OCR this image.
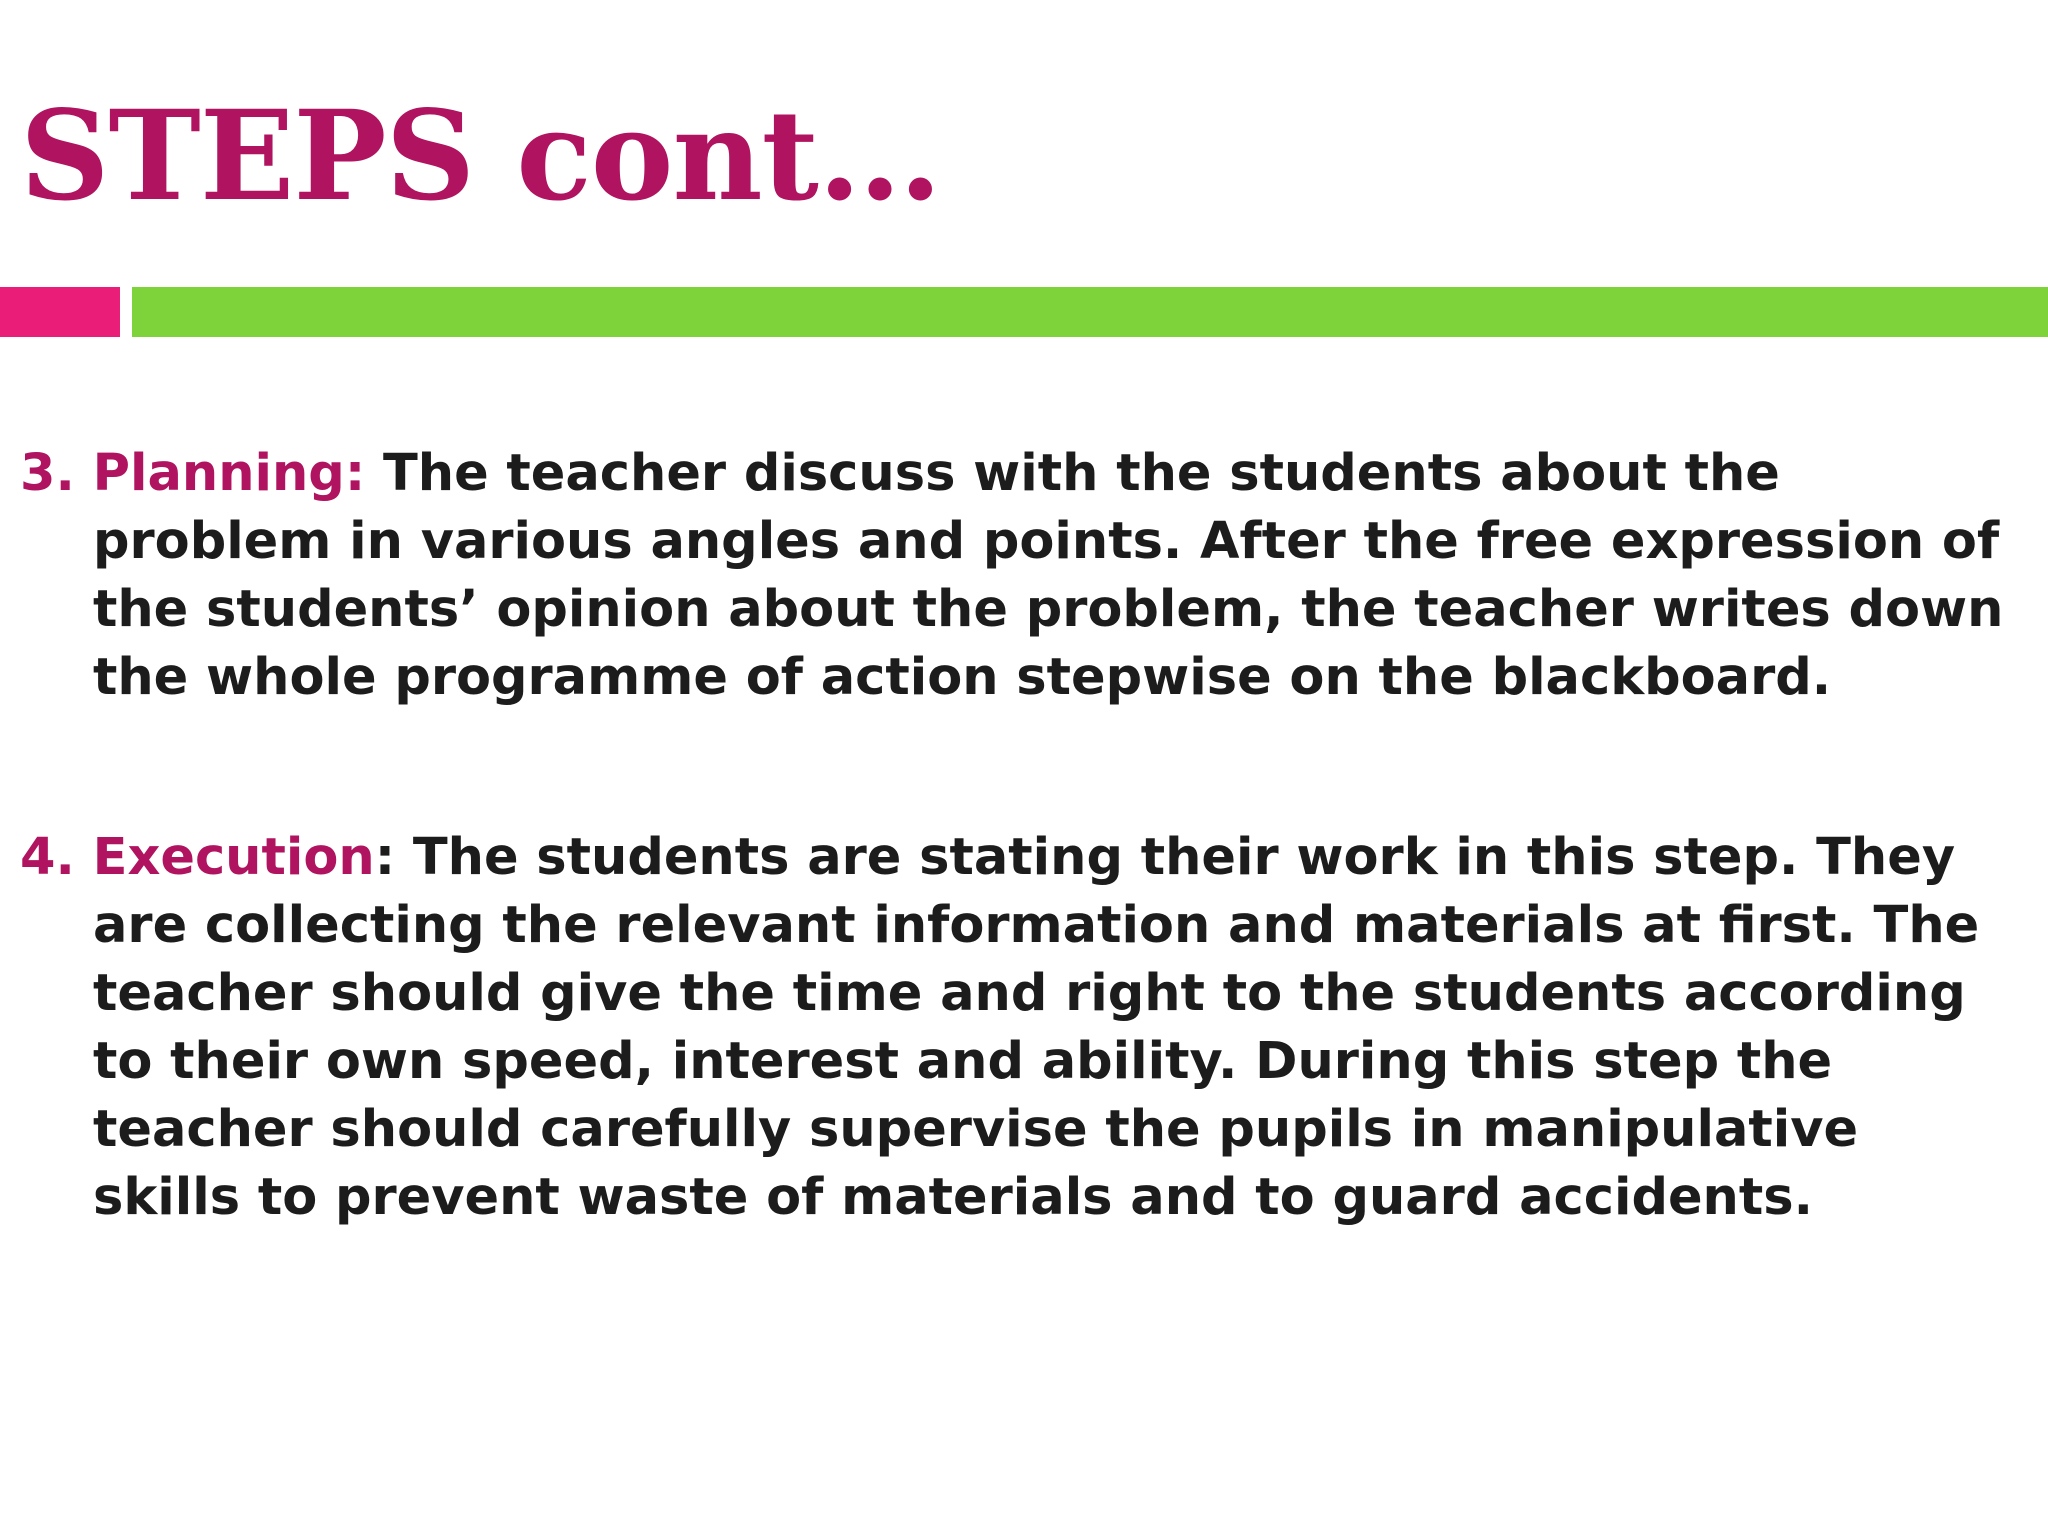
STEPS cont…

3. Planning: The teacher discuss with the students about the problem in various angles and points. After the free expression of the students’ opinion about the problem, the teacher writes down the whole programme of action stepwise on the blackboard.

4. Execution: The students are stating their work in this step. They are collecting the relevant information and materials at first. The teacher should give the time and right to the students according to their own speed, interest and ability. During this step the teacher should carefully supervise the pupils in manipulative skills to prevent waste of materials and to guard accidents.
